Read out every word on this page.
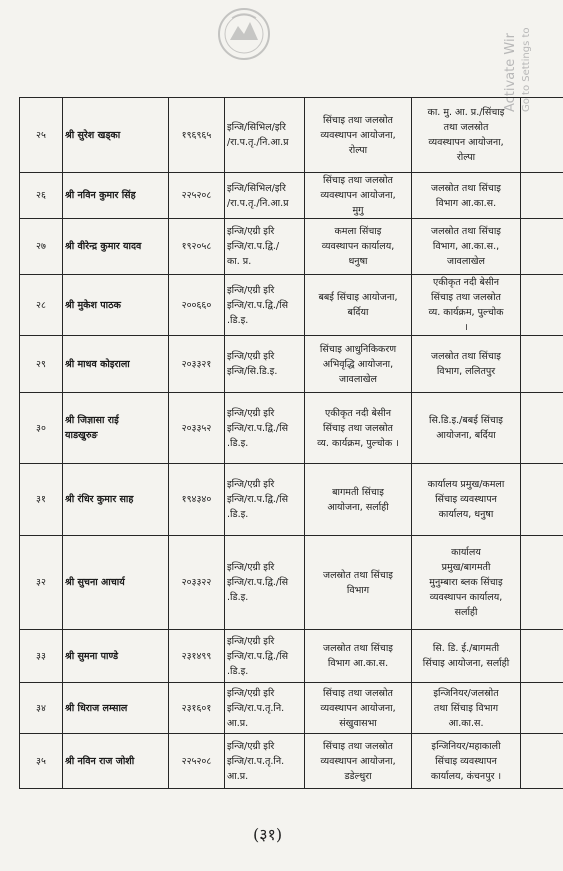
Activate Wir Go to Settings to
२५	श्री सुरेश खड्का	१९६९६५	इन्जि/सिभिल/इरि
/रा.प.तृ./नि.आ.प्र	सिंचाइ तथा जलस्रोत
व्यवस्थापन आयोजना,
रोल्पा	का. मु. आ. प्र./सिंचाइ
तथा जलस्रोत
व्यवस्थापन आयोजना,
रोल्पा	
२६	श्री नविन कुमार सिंह	२२५२०८	इन्जि/सिभिल/इरि
/रा.प.तृ./नि.आ.प्र	सिंचाइ तथा जलस्रोत
व्यवस्थापन आयोजना,
मुगु	जलस्रोत तथा सिंचाइ
विभाग आ.का.स.	
२७	श्री वीरेन्द्र कुमार यादव	१९२०५८	इन्जि/एग्री इरि
इन्जि/रा.प.द्वि./
का. प्र.	कमला सिंचाइ
व्यवस्थापन कार्यालय,
धनुषा	जलस्रोत तथा सिंचाइ
विभाग, आ.का.स.,
जावलाखेल	
२८	श्री मुकेश पाठक	२००६६०	इन्जि/एग्री इरि
इन्जि/रा.प.द्वि./सि
.डि.इ.	बबई सिंचाइ आयोजना,
बर्दिया	एकीकृत नदी बेसीन
सिंचाइ तथा जलस्रोत
व्य. कार्यक्रम, पुल्चोक
।	
२९	श्री माधव कोइराला	२०३३२१	इन्जि/एग्री इरि
इन्जि/सि.डि.इ.	सिंचाइ आधुनिकिकरण
अभिवृद्धि आयोजना,
जावलाखेल	जलस्रोत तथा सिंचाइ
विभाग, ललितपुर	
३०	श्री जिज्ञासा राई
याडखुरुङ	२०३३५२	इन्जि/एग्री इरि
इन्जि/रा.प.द्वि./सि
.डि.इ.	एकीकृत नदी बेसीन
सिंचाइ तथा जलस्रोत
व्य. कार्यक्रम, पुल्चोक ।	सि.डि.इ./बबई सिंचाइ
आयोजना, बर्दिया	
३१	श्री रंधिर कुमार साह	१९४३४०	इन्जि/एग्री इरि
इन्जि/रा.प.द्वि./सि
.डि.इ.	बागमती सिंचाइ
आयोजना, सर्लाही	कार्यालय प्रमुख/कमला
सिंचाइ व्यवस्थापन
कार्यालय, धनुषा	
३२	श्री सुचना आचार्य	२०३३२२	इन्जि/एग्री इरि
इन्जि/रा.प.द्वि./सि
.डि.इ.	जलस्रोत तथा सिंचाइ
विभाग	कार्यालय
प्रमुख/बागमती
मुनुम्बारा ब्लक सिंचाइ
व्यवस्थापन कार्यालय,
सर्लाही	
३३	श्री सुमना पाण्डे	२३१४९९	इन्जि/एग्री इरि
इन्जि/रा.प.द्वि./सि
.डि.इ.	जलस्रोत तथा सिंचाइ
विभाग आ.का.स.	सि. डि. ई./बागमती
सिंचाइ आयोजना, सर्लाही	
३४	श्री धिराज लम्साल	२३१६०१	इन्जि/एग्री इरि
इन्जि/रा.प.तृ.नि.
आ.प्र.	सिंचाइ तथा जलस्रोत
व्यवस्थापन आयोजना,
संखुवासभा	इन्जिनियर/जलस्रोत
तथा सिंचाइ विभाग
आ.का.स.	
३५	श्री नविन राज जोशी	२२५२०८	इन्जि/एग्री इरि
इन्जि/रा.प.तृ.नि.
आ.प्र.	सिंचाइ तथा जलस्रोत
व्यवस्थापन आयोजना,
डडेल्धुरा	इन्जिनियर/महाकाली
सिंचाइ व्यवस्थापन
कार्यालय, कंचनपुर ।	
(३१)
